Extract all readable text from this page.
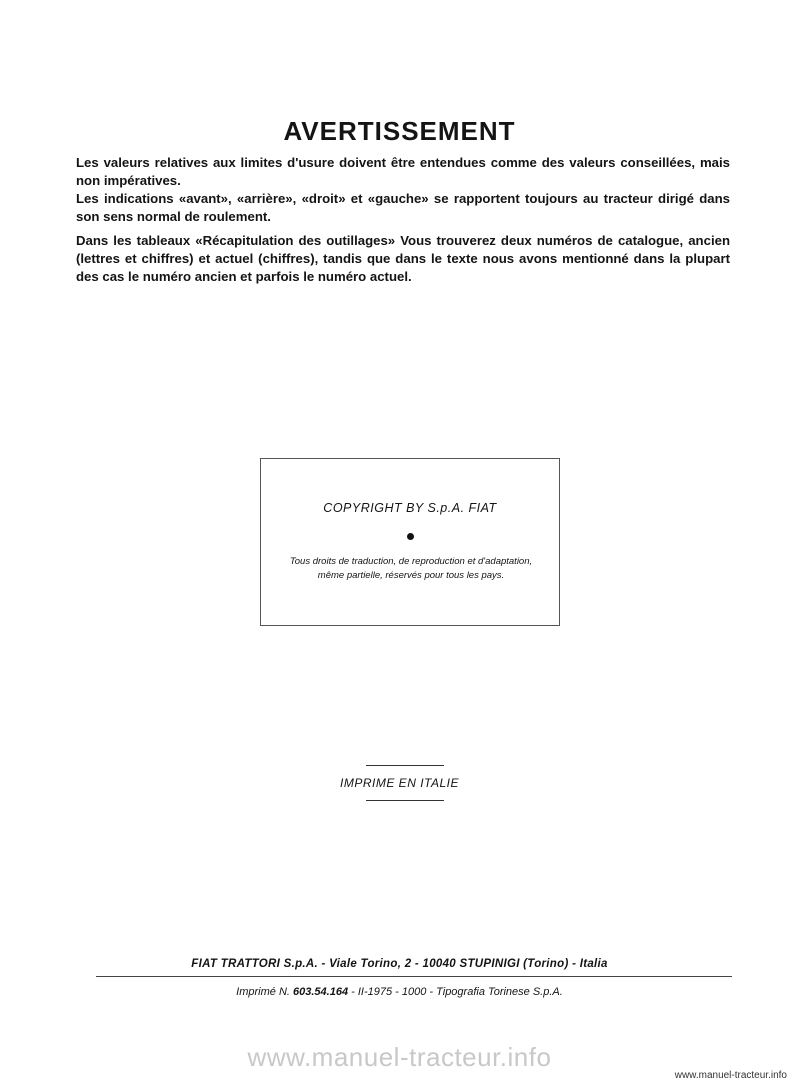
AVERTISSEMENT

Les valeurs relatives aux limites d'usure doivent être entendues comme des valeurs conseillées, mais non impératives.

Les indications «avant», «arrière», «droit» et «gauche» se rapportent toujours au tracteur dirigé dans son sens normal de roulement.

Dans les tableaux «Récapitulation des outillages» Vous trouverez deux numéros de catalogue, ancien (lettres et chiffres) et actuel (chiffres), tandis que dans le texte nous avons mentionné dans la plupart des cas le numéro ancien et parfois le numéro actuel.

COPYRIGHT BY S.p.A. FIAT

Tous droits de traduction, de reproduction et d'adaptation, même partielle, réservés pour tous les pays.

IMPRIME EN ITALIE
FIAT TRATTORI S.p.A. - Viale Torino, 2 - 10040 STUPINIGI (Torino) - Italia
Imprimé N. 603.54.164 - II-1975 - 1000 - Tipografia Torinese S.p.A.
www.manuel-tracteur.info
www.manuel-tracteur.info
